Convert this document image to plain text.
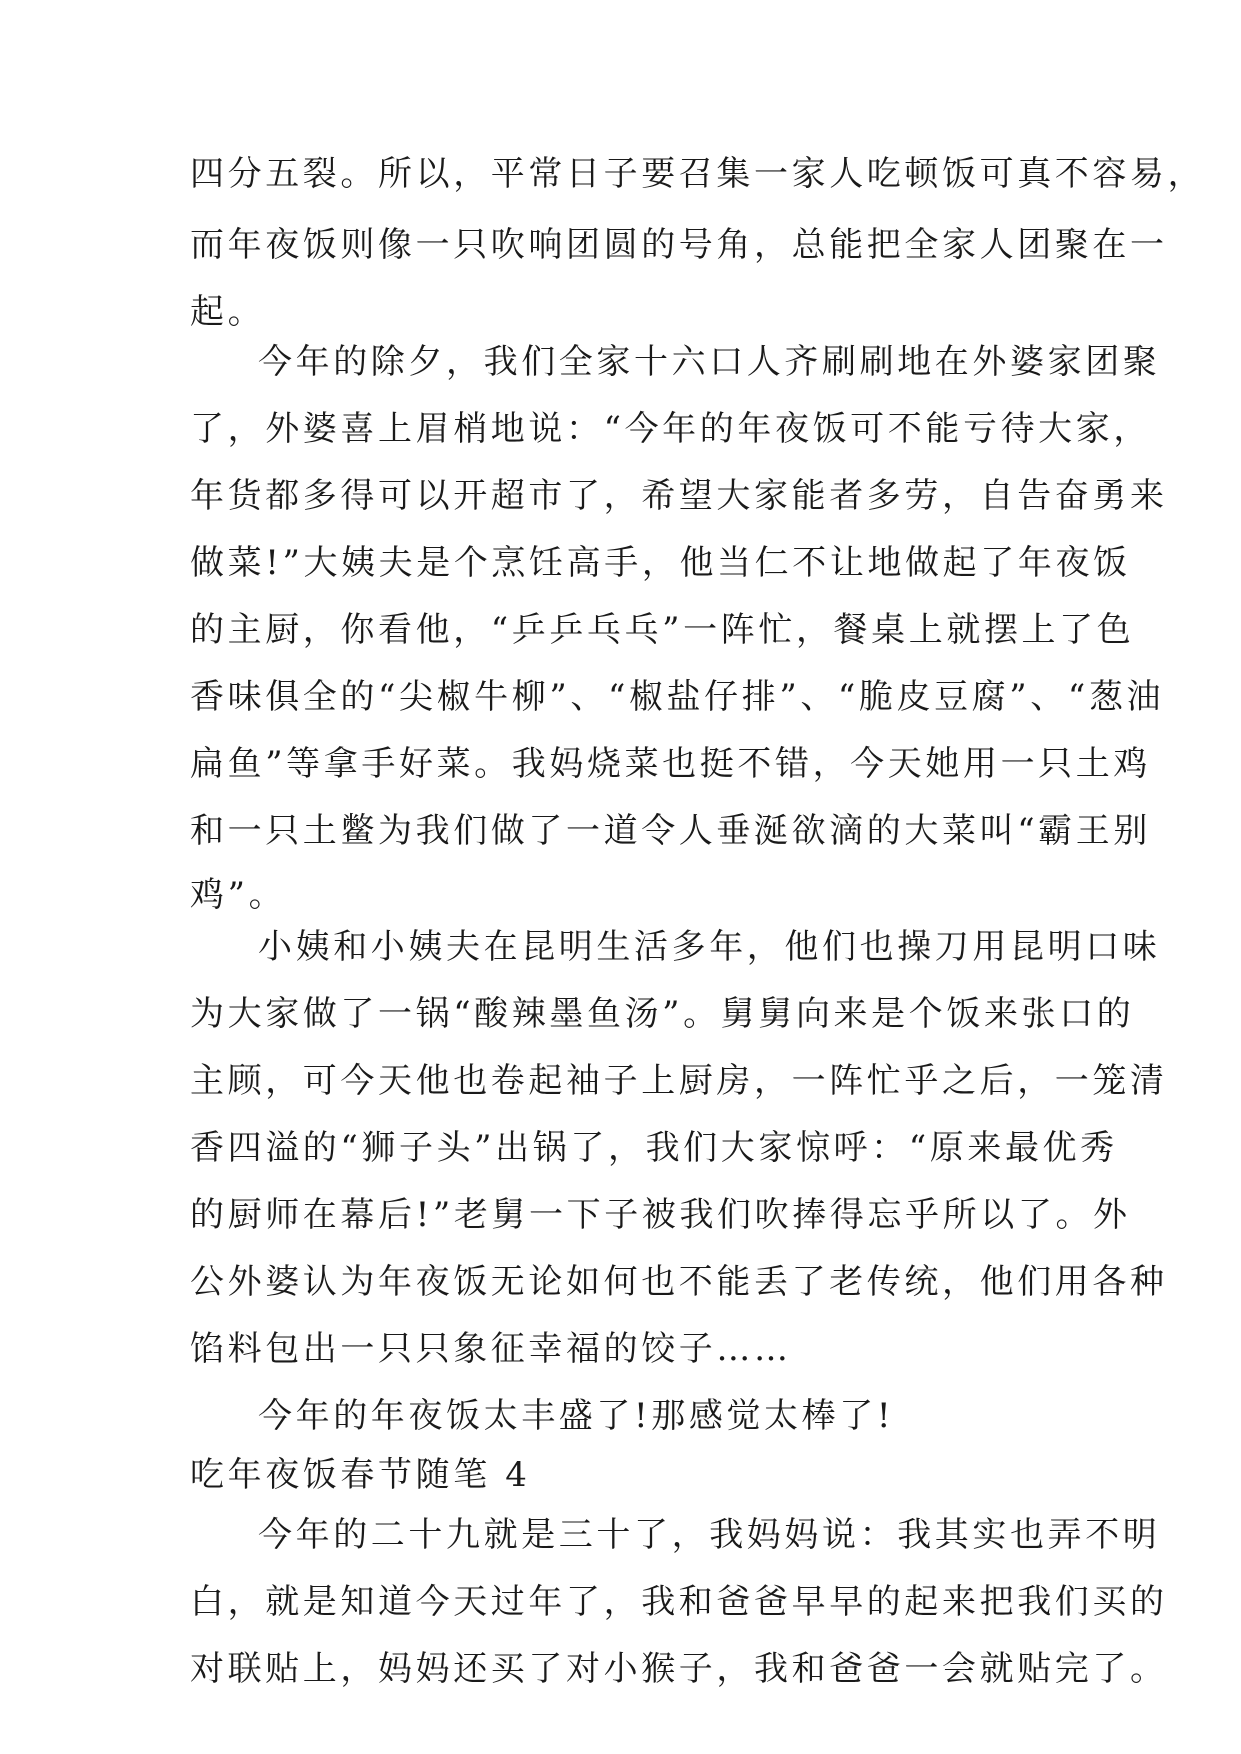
四分五裂。所以，平常日子要召集一家人吃顿饭可真不容易，
而年夜饭则像一只吹响团圆的号角，总能把全家人团聚在一
起。
今年的除夕，我们全家十六口人齐刷刷地在外婆家团聚
了，外婆喜上眉梢地说：“今年的年夜饭可不能亏待大家，
年货都多得可以开超市了，希望大家能者多劳，自告奋勇来
做菜!”大姨夫是个烹饪高手，他当仁不让地做起了年夜饭
的主厨，你看他，“乒乒乓乓”一阵忙，餐桌上就摆上了色
香味俱全的“尖椒牛柳”、“椒盐仔排”、“脆皮豆腐”、“葱油
扁鱼”等拿手好菜。我妈烧菜也挺不错，今天她用一只土鸡
和一只土鳖为我们做了一道令人垂涎欲滴的大菜叫“霸王别
鸡”。
小姨和小姨夫在昆明生活多年，他们也操刀用昆明口味
为大家做了一锅“酸辣墨鱼汤”。舅舅向来是个饭来张口的
主顾，可今天他也卷起袖子上厨房，一阵忙乎之后，一笼清
香四溢的“狮子头”出锅了，我们大家惊呼：“原来最优秀
的厨师在幕后!”老舅一下子被我们吹捧得忘乎所以了。外
公外婆认为年夜饭无论如何也不能丢了老传统，他们用各种
馅料包出一只只象征幸福的饺子……
今年的年夜饭太丰盛了!那感觉太棒了!
吃年夜饭春节随笔 4
今年的二十九就是三十了，我妈妈说：我其实也弄不明
白，就是知道今天过年了，我和爸爸早早的起来把我们买的
对联贴上，妈妈还买了对小猴子，我和爸爸一会就贴完了。
